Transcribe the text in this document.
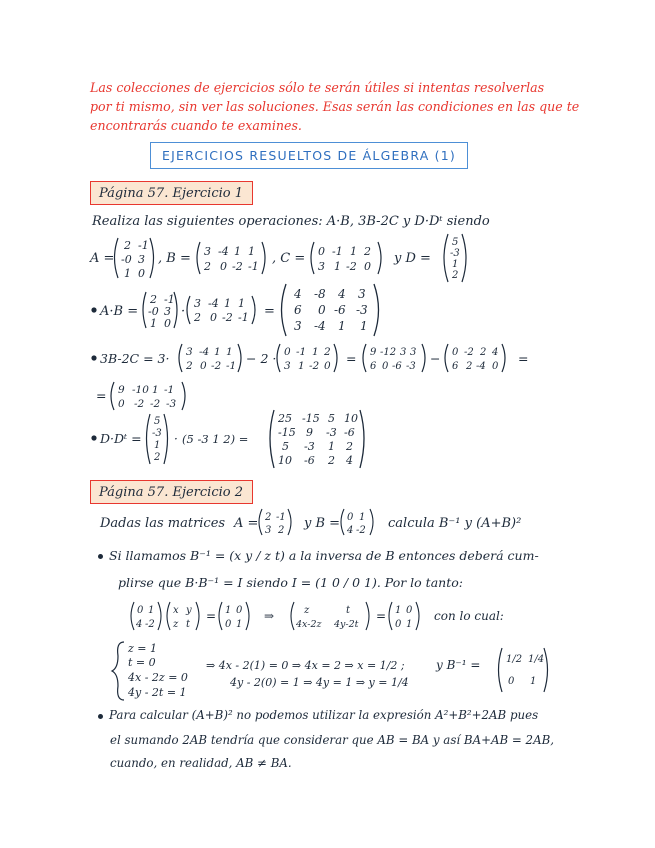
Las colecciones de ejercicios sólo te serán útiles si intentas resolverlas
por ti mismo, sin ver las soluciones. Esas serán las condiciones en las que te
encontrarás cuando te examines.
EJERCICIOS RESUELTOS DE ÁLGEBRA (1)
Página 57. Ejercicio 1
Realiza las siguientes operaciones: A·B, 3B-2C y D·Dᵗ siendo
A =
2 -1
-0 3
1 0
, B = 3 -4 1 1
2 0 -2 -1
, C = 0 -1 1 2
3 1 -2 0
y D =
5
-3
1
2
A·B =
2 -1
-0 3
1 0
·
3 -4 1 1
2 0 -2 -1 =
4 -8 4 3
6 0 -6 -3
3 -4 1 1
3B-2C = 3· 3 -4 1 1
2 0 -2 -1 − 2 · 0 -1 1 2
3 1 -2 0 = 9 -12 3 3
6 0 -6 -3
− 0 -2 2 4
6 2 -4 0
=
= 9 -10 1 -1
0 -2 -2 -3
D·Dᵗ =
5
-3
1
2
· (5 -3 1 2) =
25 -15 5 10
-15 9 -3 -6
5 -3 1 2
10 -6 2 4
Página 57. Ejercicio 2
Dadas las matrices A = 2 -1
3 2 y B = 0 1
4 -2 calcula B⁻¹ y (A+B)²
Si llamamos B⁻¹ = (x y / z t) a la inversa de B entonces deberá cum-
plirse que B·B⁻¹ = I siendo I = (1 0 / 0 1). Por lo tanto:
0 1
4 -2
x y
z t
= 1 0
0 1
⇒	z	t
4x-2z 4y-2t
= 1 0
0 1
con lo cual:
z = 1
t = 0
4x - 2z = 0
4y - 2t = 1
⇒ 4x - 2(1) = 0 ⇒ 4x = 2 ⇒ x = 1/2 ;
4y - 2(0) = 1 ⇒ 4y = 1 ⇒ y = 1/4
y B⁻¹ =	1/2 1/4
0 1
Para calcular (A+B)² no podemos utilizar la expresión A²+B²+2AB pues
el sumando 2AB tendría que considerar que AB = BA y así BA+AB = 2AB,
cuando, en realidad, AB ≠ BA.
